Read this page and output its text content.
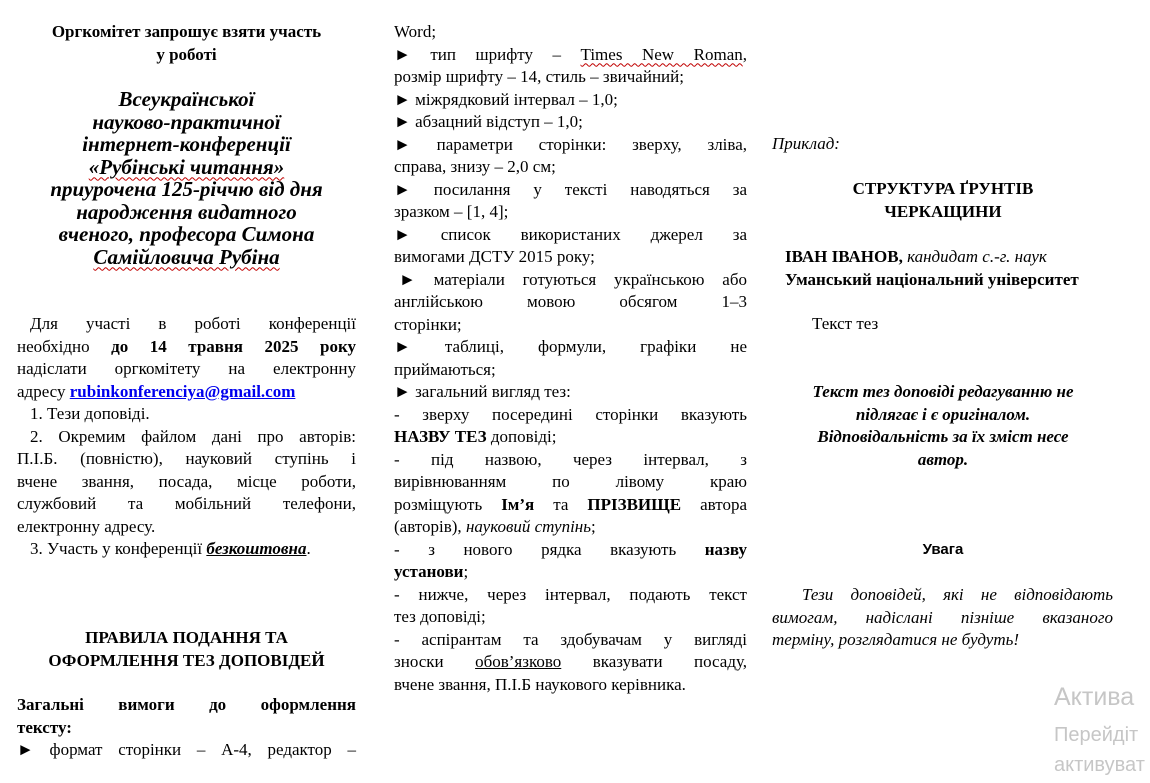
Оргкомітет запрошує взяти участь
у роботі
Всеукраїнської
науково-практичної
інтернет-конференції
«Рубінські читання»
приурочена 125-річчю від дня
народження видатного
вченого, професора Симона
Самійловича Рубіна

Для участі в роботі конференції

необхідно до 14 травня 2025 року

надіслати оргкомітету на електронну

адресу rubinkonferenciya@gmail.com

1. Тези доповіді.

2. Окремим файлом дані про авторів:

П.І.Б. (повністю), науковий ступінь і

вчене звання, посада, місце роботи,

службовий та мобільний телефони,

електронну адресу.

3. Участь у конференції безкоштовна.

ПРАВИЛА ПОДАННЯ ТА
ОФОРМЛЕННЯ ТЕЗ ДОПОВІДЕЙ

Загальні вимоги до оформлення

тексту:

► формат сторінки – А-4, редактор –

Word;

► тип шрифту – Times New Roman,

розмір шрифту – 14, стиль – звичайний;

► міжрядковий інтервал – 1,0;

► абзацний відступ – 1,0;

► параметри сторінки: зверху, зліва,

справа, знизу – 2,0 см;

► посилання у тексті наводяться за

зразком – [1, 4];

► список використаних джерел за

вимогами ДСТУ 2015 року;

► матеріали готуються українською або

англійською мовою обсягом 1–3

сторінки;

► таблиці, формули, графіки не

приймаються;

► загальний вигляд тез:

- зверху посередині сторінки вказують

НАЗВУ ТЕЗ доповіді;

- під назвою, через інтервал, з

вирівнюванням по лівому краю

розміщують Ім’я та ПРІЗВИЩЕ автора

(авторів), науковий ступінь;

- з нового рядка вказують назву

установи;

- нижче, через інтервал, подають текст

тез доповіді;

- аспірантам та здобувачам у вигляді

зноски обов’язково вказувати посаду,

вчене звання, П.І.Б наукового керівника.

Приклад:

СТРУКТУРА ҐРУНТІВ
ЧЕРКАЩИНИ

ІВАН ІВАНОВ, кандидат с.-г. наук

Уманський національний університет

Текст тез

Текст тез доповіді редагуванню не
підлягає і є оригіналом.
Відповідальність за їх зміст несе
автор.

Увага

Тези доповідей, які не відповідають

вимогам, надіслані пізніше вказаного

терміну, розглядатися не будуть!

Актива
Перейдіт
активуват
